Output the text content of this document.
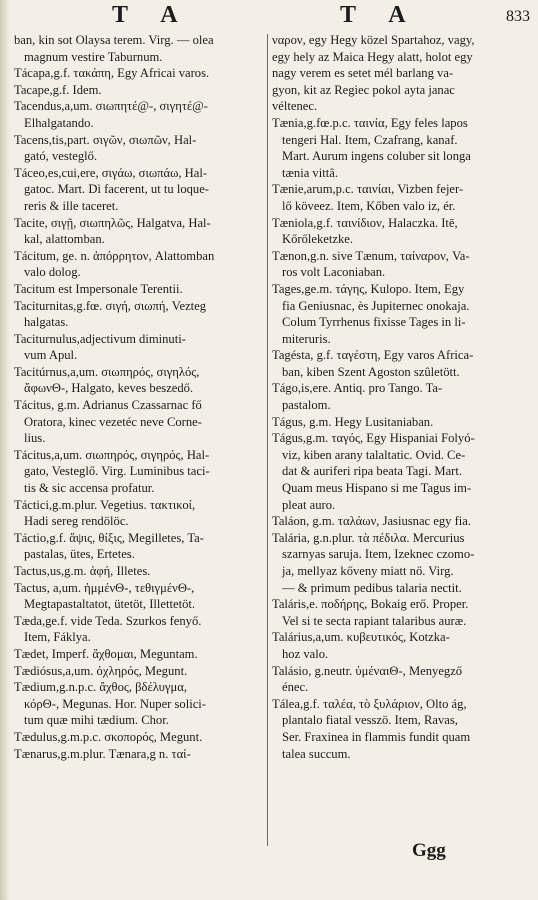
T A	T A	833
ban, kin sot Olaysa terem. Virg. — olea
magnum vestire Taburnum.
Tácapa,g.f. τακάπη, Egy Africai varos.
Tacape,g.f. Idem.
Tacendus,a,um. σιωπητέ@-, σιγητέ@-
Elhalgatando.
Tacens,tis,part. σιγῶν, σιωπῶν, Hal-
gató, vesteglő.
Táceo,es,cui,ere, σιγάω, σιωπάω, Hal-
gatoc. Mart. Dì facerent, ut tu loque-
reris & ille taceret.
Tacite, σιγῇ, σιωπηλῶς, Halgatva, Hal-
kal, alattomban.
Tácitum, ge. n. ἀπόρρητον, Alattomban
valo dolog.
Tacitum est Impersonale Terentii.
Taciturnitas,g.fœ. σιγή, σιωπή, Vezteg
halgatas.
Taciturnulus,adjectivum diminuti-
vum Apul.
Tacitúrnus,a,um. σιωπηρός, σιγηλός,
ἄφωνΘ-, Halgato, keves beszedő.
Tácitus, g.m. Adrianus Czassarnac fő
Oratora, kinec vezetéc neve Corne-
lius.
Tácitus,a,um. σιωπηρός, σιγηρός, Hal-
gato, Vesteglő. Virg. Luminibus taci-
tis & sic accensa profatur.
Táctici,g.m.plur. Vegetius. τακτικοί,
Hadi sereg rendölöc.
Táctio,g.f. ἅψις, θίξις, Megilletes, Ta-
pastalas, ütes, Ertetes.
Tactus,us,g.m. ἁφή, Illetes.
Tactus, a,um. ἡμμένΘ-, τεθιγμένΘ-,
Megtapastaltatot, ütetöt, Illettetöt.
Tæda,ge.f. vide Teda. Szurkos fenyő.
Item, Fáklya.
Tædet, Imperf. ἄχθομαι, Meguntam.
Tædiósus,a,um. ὀχληρός, Megunt.
Tædium,g.n.p.c. ἄχθος, βδέλυγμα,
κόρΘ-, Megunas. Hor. Nuper solici-
tum quæ mihi tædium. Chor.
Tædulus,g.m.p.c. σκοπορός, Megunt.
Tænarus,g.m.plur. Tænara,g n. ταί-
ναρον, egy Hegy közel Spartahoz, vagy,
egy hely az Maica Hegy alatt, holot egy
nagy verem es setet mél barlang va-
gyon, kit az Regiec pokol ayta janac
véltenec.
Tænia,g.fœ.p.c. ταινία, Egy feles lapos
tengeri Hal. Item, Czafrang, kanaf.
Mart. Aurum ingens coluber sit longa
tænia vittâ.
Tænie,arum,p.c. ταινίαι, Vizben fejer-
lő köveez. Item, Kőben valo iz, ér.
Tæniola,g.f. ταινίδιον, Halaczka. Itē,
Kőrőleketzke.
Tænon,g.n. sive Tænum, ταίναρον, Va-
ros volt Laconiaban.
Tages,ge.m. τάγης, Kulopo. Item, Egy
fia Geniusnac, ès Jupiternec onokaja.
Colum Tyrrhenus fixisse Tages in li-
miteruris.
Tagésta, g.f. ταγέστη, Egy varos Africa-
ban, kiben Szent Agoston szûletött.
Tágo,is,ere. Antiq. pro Tango. Ta-
pastalom.
Tágus, g.m. Hegy Lusitaniaban.
Tágus,g.m. ταγός, Egy Hispaniai Folyó-
viz, kiben arany talaltatic. Ovid. Ce-
dat & auriferi ripa beata Tagi. Mart.
Quam meus Hispano si me Tagus im-
pleat auro.
Taláon, g.m. ταλάων, Jasiusnac egy fia.
Talária, g.n.plur. τὰ πέδιλα. Mercurius
szarnyas saruja. Item, Izeknec czomo-
ja, mellyaz kőveny miatt nő. Virg.
— & primum pedibus talaria nectit.
Taláris,e. ποδήρης, Bokaig erő. Proper.
Vel si te secta rapiant talaribus auræ.
Talárius,a,um. κυβευτικός, Kotzka-
hoz valo.
Talásio, g.neutr. ὑμέναιΘ-, Menyegző
énec.
Tálea,g.f. ταλέα, τὸ ξυλάριον, Olto ág,
plantalo fiatal vesszö. Item, Ravas,
Ser. Fraxinea in flammis fundit quam
talea succum.
Ggg
